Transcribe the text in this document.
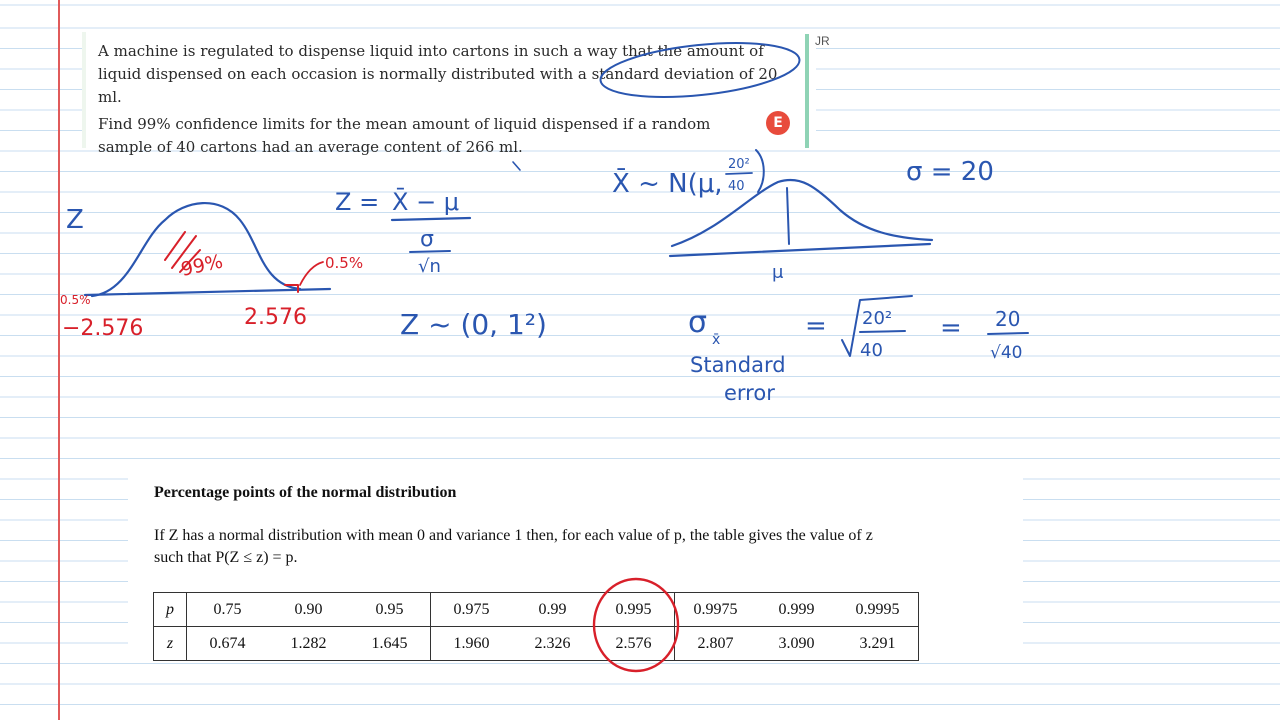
JR

A machine is regulated to dispense liquid into cartons in such a way that the amount of liquid dispensed on each occasion is normally distributed with a standard deviation of 20 ml.

Find 99% confidence limits for the mean amount of liquid dispensed if a random sample of 40 cartons had an average content of 266 ml.

E
Percentage points of the normal distribution
If Z has a normal distribution with mean 0 and variance 1 then, for each value of p, the table gives the value of z
such that P(Z ≤ z) = p.
p	0.75	0.90	0.95	0.975	0.99	0.995	0.9975	0.999	0.9995
z	0.674	1.282	1.645	1.960	2.326	2.576	2.807	3.090	3.291
Z
99%
0.5%
0.5%
−2.576	2.576
Z = X̄ − μ
σ
√n
Z ~ (0, 1²)
X̄ ~ N(μ,
20²
40	σ = 20
μ
σ x̄
Standard
error
= 20²
40
= 20
√40
